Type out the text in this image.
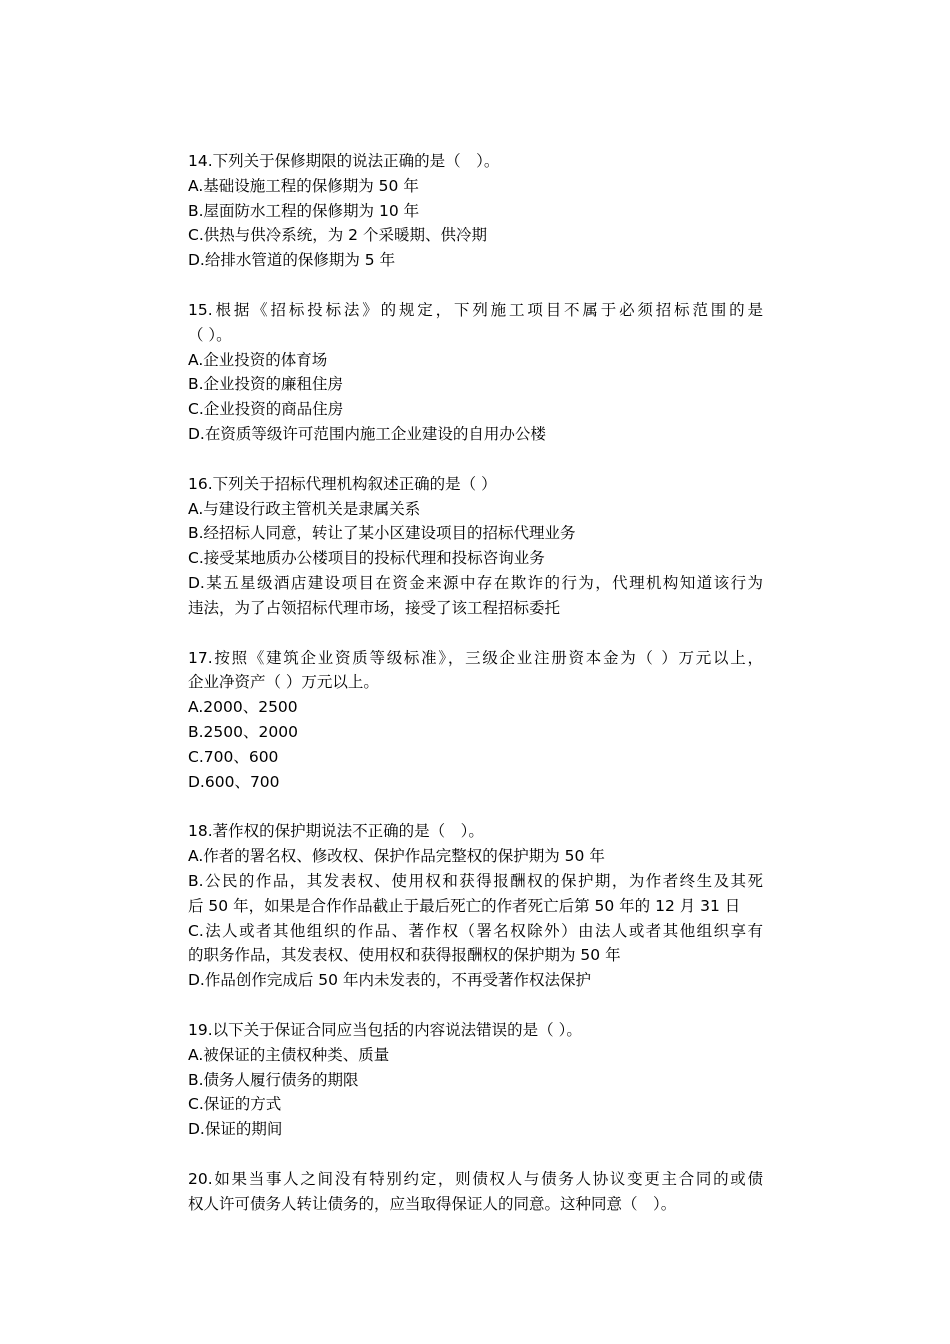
14.下列关于保修期限的说法正确的是（　）。
A.基础设施工程的保修期为 50 年
B.屋面防水工程的保修期为 10 年
C.供热与供冷系统，为 2 个采暖期、供冷期
D.给排水管道的保修期为 5 年
15.根据《招标投标法》的规定，下列施工项目不属于必须招标范围的是
（ ）。
A.企业投资的体育场
B.企业投资的廉租住房
C.企业投资的商品住房
D.在资质等级许可范围内施工企业建设的自用办公楼
16.下列关于招标代理机构叙述正确的是（ ）
A.与建设行政主管机关是隶属关系
B.经招标人同意，转让了某小区建设项目的招标代理业务
C.接受某地质办公楼项目的投标代理和投标咨询业务
D.某五星级酒店建设项目在资金来源中存在欺诈的行为，代理机构知道该行为
违法，为了占领招标代理市场，接受了该工程招标委托
17.按照《建筑企业资质等级标准》，三级企业注册资本金为（ ）万元以上，
企业净资产（ ）万元以上。
A.2000、2500
B.2500、2000
C.700、600
D.600、700
18.著作权的保护期说法不正确的是（　）。
A.作者的署名权、修改权、保护作品完整权的保护期为 50 年
B.公民的作品，其发表权、使用权和获得报酬权的保护期，为作者终生及其死
后 50 年，如果是合作作品截止于最后死亡的作者死亡后第 50 年的 12 月 31 日
C.法人或者其他组织的作品、著作权（署名权除外）由法人或者其他组织享有
的职务作品，其发表权、使用权和获得报酬权的保护期为 50 年
D.作品创作完成后 50 年内未发表的，不再受著作权法保护
19.以下关于保证合同应当包括的内容说法错误的是（ ）。
A.被保证的主债权种类、质量
B.债务人履行债务的期限
C.保证的方式
D.保证的期间
20.如果当事人之间没有特别约定，则债权人与债务人协议变更主合同的或债
权人许可债务人转让债务的，应当取得保证人的同意。这种同意（　）。
